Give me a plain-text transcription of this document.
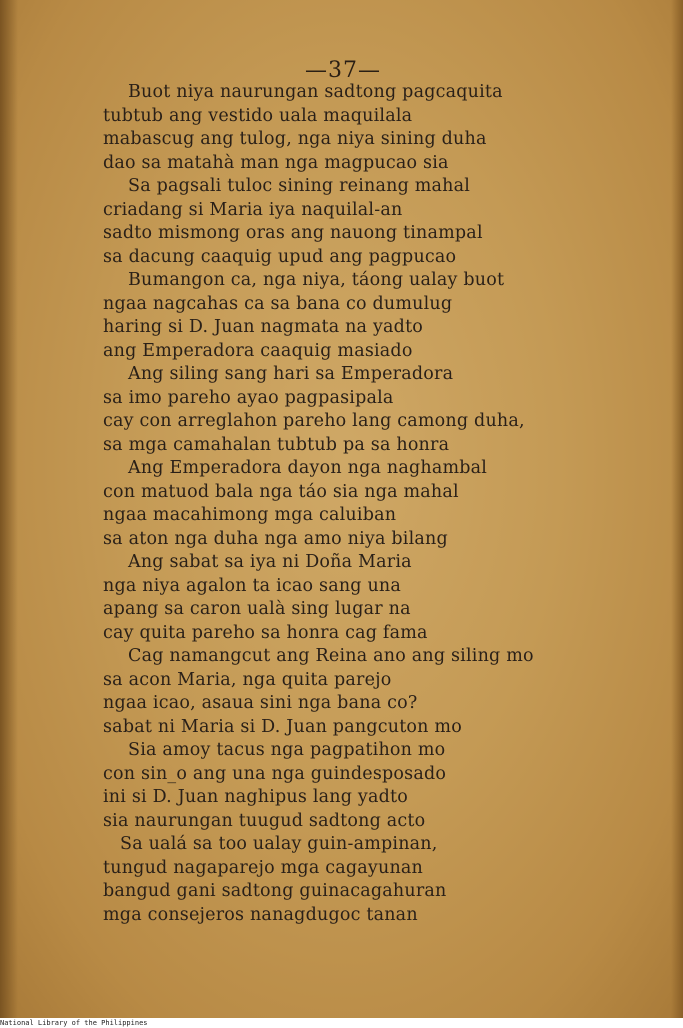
—37—
Buot niya naurungan sadtong pagcaquita
tubtub ang vestido uala maquilala
mabascug ang tulog, nga niya sining duha
dao sa matahà man nga magpucao sia
Sa pagsali tuloc sining reinang mahal
criadang si Maria iya naquilal-an
sadto mismong oras ang nauong tinampal
sa dacung caaquig upud ang pagpucao
Bumangon ca, nga niya, táong ualay buot
ngaa nagcahas ca sa bana co dumulug
haring si D. Juan nagmata na yadto
ang Emperadora caaquig masiado
Ang siling sang hari sa Emperadora
sa imo pareho ayao pagpasipala
cay con arreglahon pareho lang camong duha,
sa mga camahalan tubtub pa sa honra
Ang Emperadora dayon nga naghambal
con matuod bala nga táo sia nga mahal
ngaa macahimong mga caluiban
sa aton nga duha nga amo niya bilang
Ang sabat sa iya ni Doña Maria
nga niya agalon ta icao sang una
apang sa caron ualà sing lugar na
cay quita pareho sa honra cag fama
Cag namangcut ang Reina ano ang siling mo
sa acon Maria, nga quita parejo
ngaa icao, asaua sini nga bana co?
sabat ni Maria si D. Juan pangcuton mo
Sia amoy tacus nga pagpatihon mo
con sin_o ang una nga guindesposado
ini si D. Juan naghipus lang yadto
sia naurungan tuugud sadtong acto
Sa ualá sa too ualay guin-ampinan,
tungud nagaparejo mga cagayunan
bangud gani sadtong guinacagahuran
mga consejeros nanagdugoc tanan
National Library of the Philippines
